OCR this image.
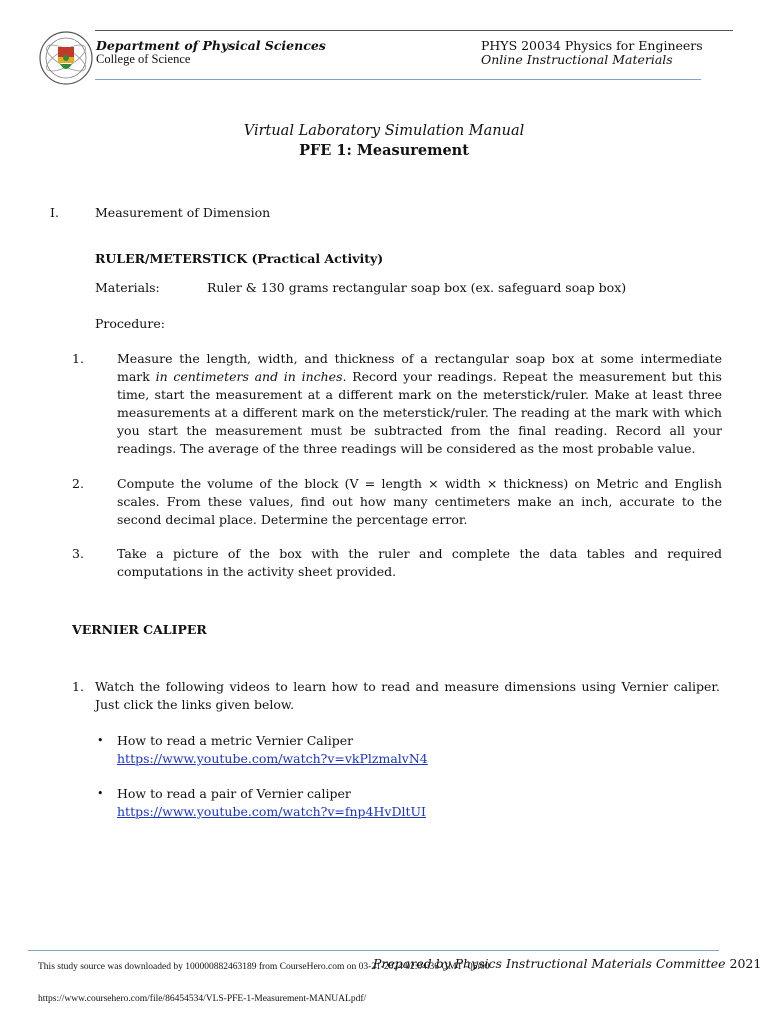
Department of Physical Sciences
College of Science
PHYS 20034 Physics for Engineers
Online Instructional Materials
Virtual Laboratory Simulation Manual
PFE 1: Measurement
I.	Measurement of Dimension
RULER/METERSTICK (Practical Activity)
Materials:	Ruler & 130 grams rectangular soap box (ex. safeguard soap box)
Procedure:
1.	Measure the length, width, and thickness of a rectangular soap box at some intermediate mark in centimeters and in inches. Record your readings. Repeat the measurement but this time, start the measurement at a different mark on the meterstick/ruler. Make at least three measurements at a different mark on the meterstick/ruler. The reading at the mark with which you start the measurement must be subtracted from the final reading. Record all your readings. The average of the three readings will be considered as the most probable value.
2.	Compute the volume of the block (V = length × width × thickness) on Metric and English scales. From these values, find out how many centimeters make an inch, accurate to the second decimal place. Determine the percentage error.
3.	Take a picture of the box with the ruler and complete the data tables and required computations in the activity sheet provided.
VERNIER CALIPER
1. Watch the following videos to learn how to read and measure dimensions using Vernier caliper. Just click the links given below.
• How to read a metric Vernier Caliper
https://www.youtube.com/watch?v=vkPlzmalvN4
• How to read a pair of Vernier caliper
https://www.youtube.com/watch?v=fnp4HvDltUI
Prepared by Physics Instructional Materials Committee 2021
This study source was downloaded by 100000882463189 from CourseHero.com on 03-21-2024 02:04:36 GMT -05:00
https://www.coursehero.com/file/86454534/VLS-PFE-1-Measurement-MANUALpdf/
